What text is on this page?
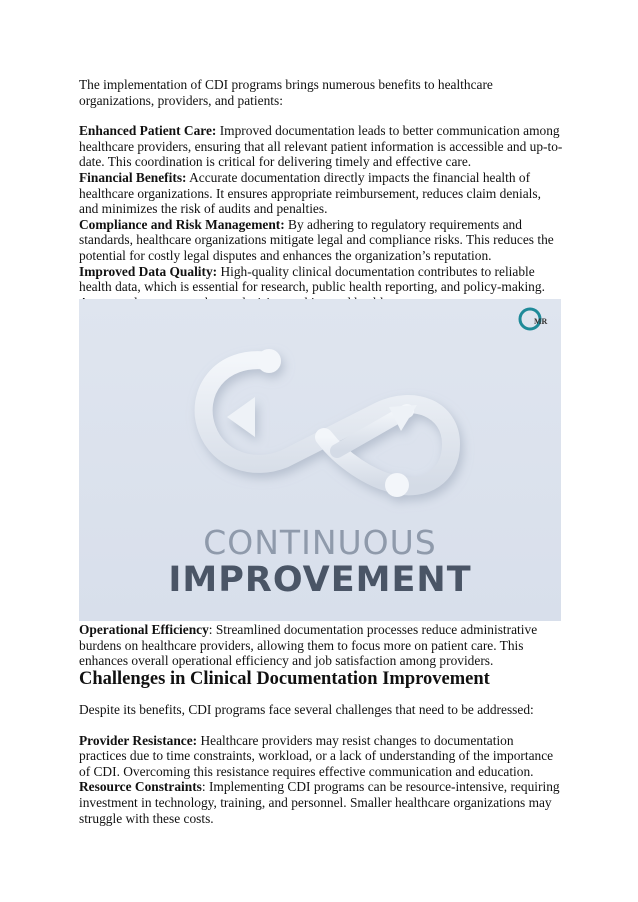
The implementation of CDI programs brings numerous benefits to healthcare organizations, providers, and patients:

Enhanced Patient Care: Improved documentation leads to better communication among healthcare providers, ensuring that all relevant patient information is accessible and up-to-date. This coordination is critical for delivering timely and effective care.

Financial Benefits: Accurate documentation directly impacts the financial health of healthcare organizations. It ensures appropriate reimbursement, reduces claim denials, and minimizes the risk of audits and penalties.

Compliance and Risk Management: By adhering to regulatory requirements and standards, healthcare organizations mitigate legal and compliance risks. This reduces the potential for costly legal disputes and enhances the organization’s reputation.

Improved Data Quality: High-quality clinical documentation contributes to reliable health data, which is essential for research, public health reporting, and policy-making.

MR
CONTINUOUS
IMPROVEMENT

Operational Efficiency: Streamlined documentation processes reduce administrative burdens on healthcare providers, allowing them to focus more on patient care. This enhances overall operational efficiency and job satisfaction among providers.

Challenges in Clinical Documentation Improvement

Despite its benefits, CDI programs face several challenges that need to be addressed:

Provider Resistance: Healthcare providers may resist changes to documentation practices due to time constraints, workload, or a lack of understanding of the importance of CDI. Overcoming this resistance requires effective communication and education.

Resource Constraints: Implementing CDI programs can be resource-intensive, requiring investment in technology, training, and personnel. Smaller healthcare organizations may struggle with these costs.
